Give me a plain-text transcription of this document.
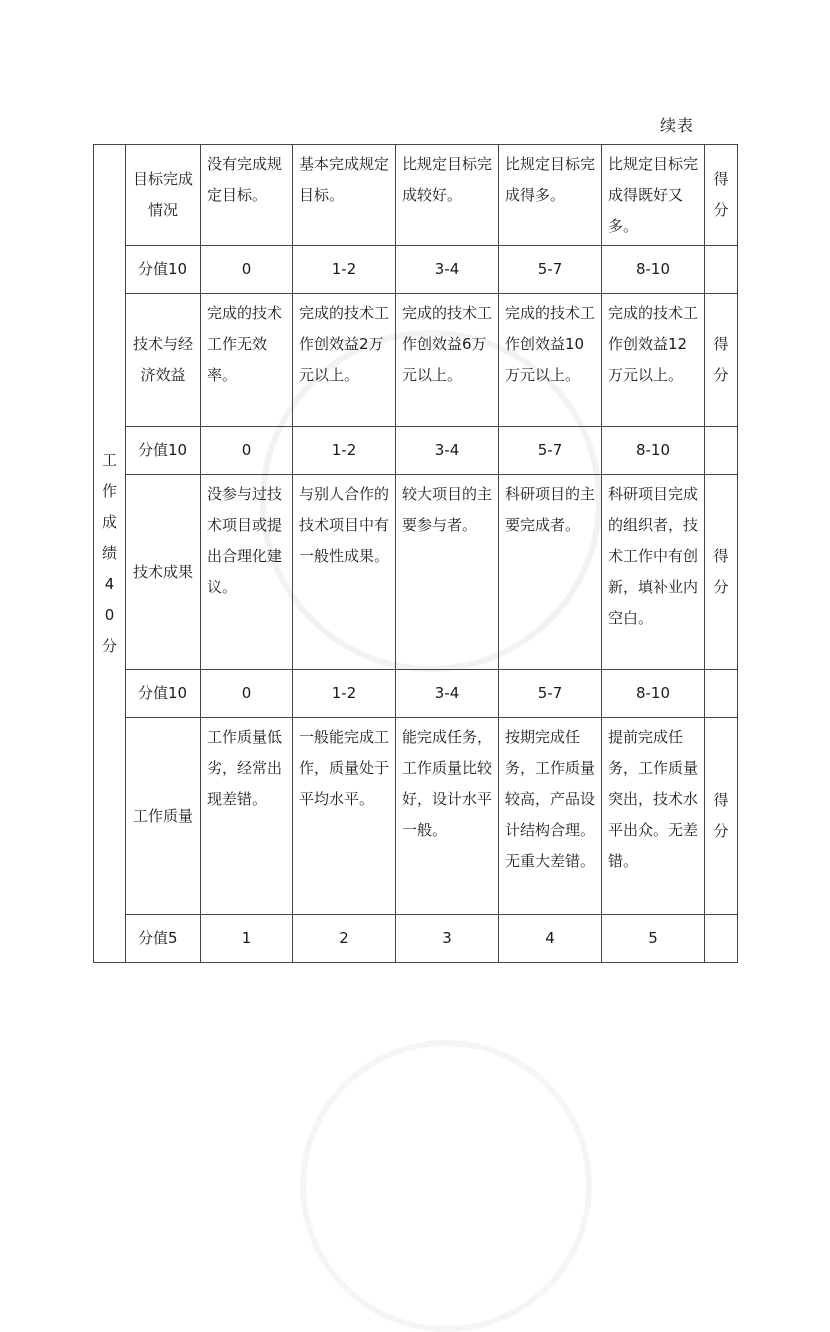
续表
工作成绩40分	目标完成情况	没有完成规定目标。	基本完成规定目标。	比规定目标完成较好。	比规定目标完成得多。	比规定目标完成得既好又多。	得分
	分值10	0	1-2	3-4	5-7	8-10	
	技术与经济效益	完成的技术工作无效率。	完成的技术工作创效益2万元以上。	完成的技术工作创效益6万元以上。	完成的技术工作创效益10万元以上。	完成的技术工作创效益12万元以上。	得分
	分值10	0	1-2	3-4	5-7	8-10	
	技术成果	没参与过技术项目或提出合理化建议。	与别人合作的技术项目中有一般性成果。	较大项目的主要参与者。	科研项目的主要完成者。	科研项目完成的组织者，技术工作中有创新，填补业内空白。	得分
	分值10	0	1-2	3-4	5-7	8-10	
	工作质量	工作质量低劣，经常出现差错。	一般能完成工作，质量处于平均水平。	能完成任务，工作质量比较好，设计水平一般。	按期完成任务，工作质量较高，产品设计结构合理。无重大差错。	提前完成任务，工作质量突出，技术水平出众。无差错。	得分
	分值5	1	2	3	4	5	
